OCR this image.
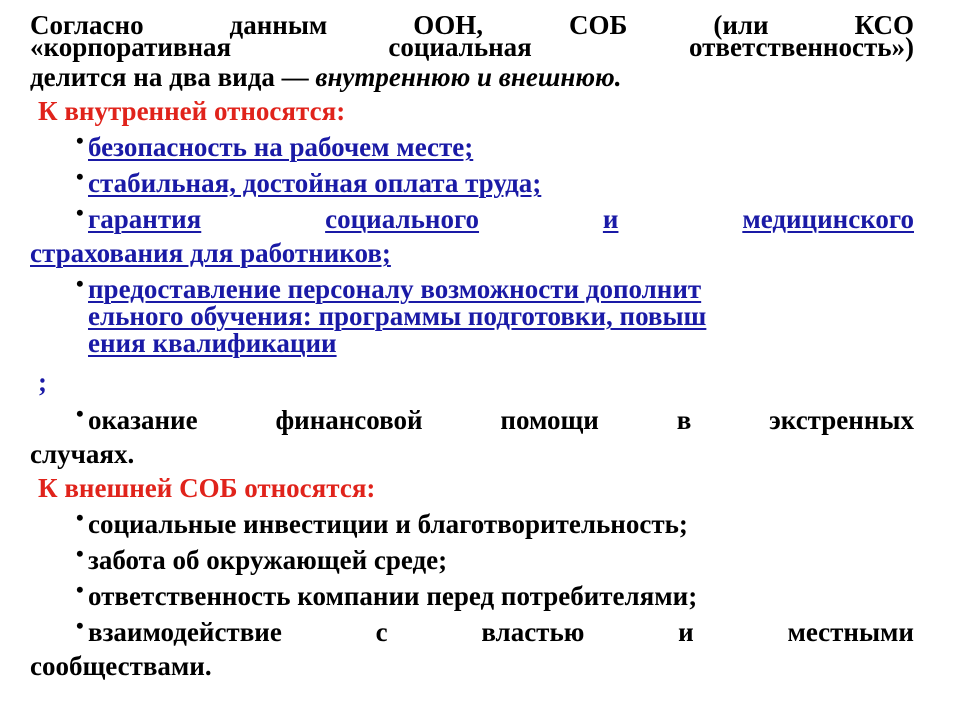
Согласно	данным	ООН,	СОБ	(или	КСО
«корпоративная	социальная	ответственность»)
делится на два вида — внутреннюю и внешнюю.
К внутренней относятся:
• безопасность на рабочем месте;
• стабильная, достойная оплата труда;
• гарантия	социального	и	медицинского
страхования для работников;
• предоставление персоналу возможности дополнит
ельного обучения: программы подготовки, повыш
ения квалификации
;
• оказание	финансовой	помощи	в	экстренных
случаях.
К внешней СОБ относятся:
• социальные инвестиции и благотворительность;
• забота об окружающей среде;
• ответственность компании перед потребителями;
• взаимодействие	с	властью	и	местными
сообществами.
